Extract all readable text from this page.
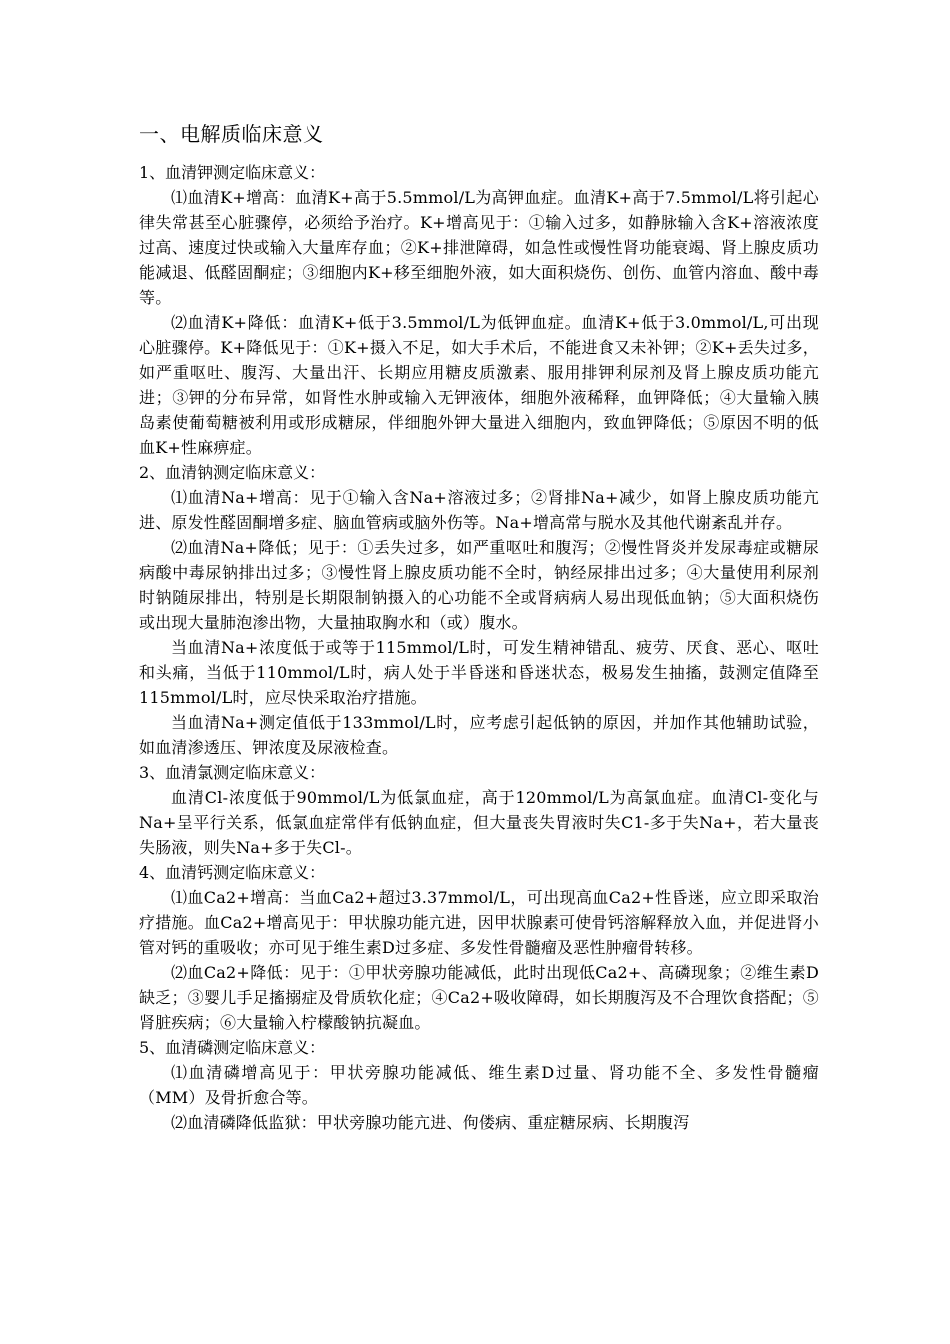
一、电解质临床意义

1、血清钾测定临床意义：

⑴血清K+增高：血清K+高于5.5mmol/L为高钾血症。血清K+高于7.5mmol/L将引起心律失常甚至心脏骤停，必须给予治疗。K+增高见于：①输入过多，如静脉输入含K+溶液浓度过高、速度过快或输入大量库存血；②K+排泄障碍，如急性或慢性肾功能衰竭、肾上腺皮质功能减退、低醛固酮症；③细胞内K+移至细胞外液，如大面积烧伤、创伤、血管内溶血、酸中毒等。

⑵血清K+降低：血清K+低于3.5mmol/L为低钾血症。血清K+低于3.0mmol/L,可出现心脏骤停。K+降低见于：①K+摄入不足，如大手术后，不能进食又未补钾；②K+丢失过多，如严重呕吐、腹泻、大量出汗、长期应用糖皮质激素、服用排钾利尿剂及肾上腺皮质功能亢进；③钾的分布异常，如肾性水肿或输入无钾液体，细胞外液稀释，血钾降低；④大量输入胰岛素使葡萄糖被利用或形成糖尿，伴细胞外钾大量进入细胞内，致血钾降低；⑤原因不明的低血K+性麻痹症。

2、血清钠测定临床意义：

⑴血清Na+增高：见于①输入含Na+溶液过多；②肾排Na+减少，如肾上腺皮质功能亢进、原发性醛固酮增多症、脑血管病或脑外伤等。Na+增高常与脱水及其他代谢紊乱并存。

⑵血清Na+降低；见于：①丢失过多，如严重呕吐和腹泻；②慢性肾炎并发尿毒症或糖尿病酸中毒尿钠排出过多；③慢性肾上腺皮质功能不全时，钠经尿排出过多；④大量使用利尿剂时钠随尿排出，特别是长期限制钠摄入的心功能不全或肾病病人易出现低血钠；⑤大面积烧伤或出现大量肺泡渗出物，大量抽取胸水和（或）腹水。

当血清Na+浓度低于或等于115mmol/L时，可发生精神错乱、疲劳、厌食、恶心、呕吐和头痛，当低于110mmol/L时，病人处于半昏迷和昏迷状态，极易发生抽搐，鼓测定值降至115mmol/L时，应尽快采取治疗措施。

当血清Na+测定值低于133mmol/L时，应考虑引起低钠的原因，并加作其他辅助试验，如血清渗透压、钾浓度及尿液检查。

3、血清氯测定临床意义：

血清Cl-浓度低于90mmol/L为低氯血症，高于120mmol/L为高氯血症。血清Cl-变化与Na+呈平行关系，低氯血症常伴有低钠血症，但大量丧失胃液时失C1-多于失Na+，若大量丧失肠液，则失Na+多于失Cl-。

4、血清钙测定临床意义：

⑴血Ca2+增高：当血Ca2+超过3.37mmol/L，可出现高血Ca2+性昏迷，应立即采取治疗措施。血Ca2+增高见于：甲状腺功能亢进，因甲状腺素可使骨钙溶解释放入血，并促进肾小管对钙的重吸收；亦可见于维生素D过多症、多发性骨髓瘤及恶性肿瘤骨转移。

⑵血Ca2+降低：见于：①甲状旁腺功能减低，此时出现低Ca2+、高磷现象；②维生素D缺乏；③婴儿手足搐搦症及骨质软化症；④Ca2+吸收障碍，如长期腹泻及不合理饮食搭配；⑤肾脏疾病；⑥大量输入柠檬酸钠抗凝血。

5、血清磷测定临床意义：

⑴血清磷增高见于：甲状旁腺功能减低、维生素D过量、肾功能不全、多发性骨髓瘤（MM）及骨折愈合等。

⑵血清磷降低监狱：甲状旁腺功能亢进、佝偻病、重症糖尿病、长期腹泻
